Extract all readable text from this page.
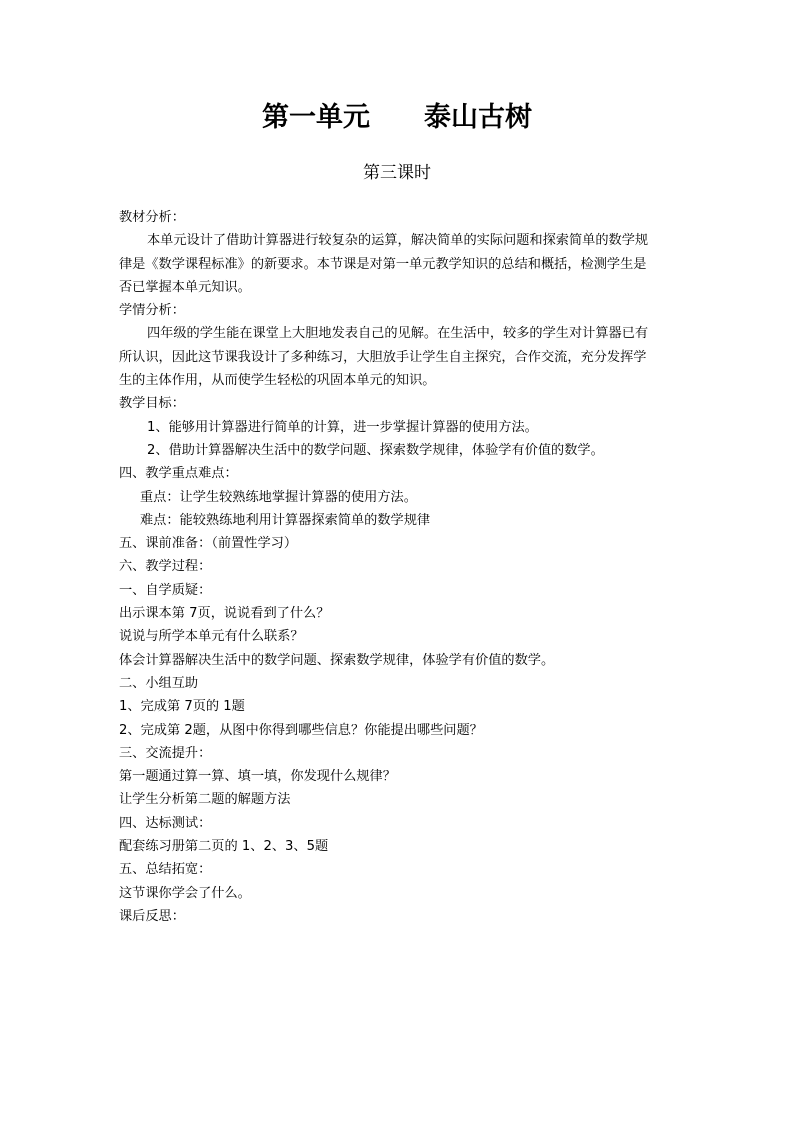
第一单元　　泰山古树
第三课时
教材分析：
本单元设计了借助计算器进行较复杂的运算，解决简单的实际问题和探索简单的数学规
律是《数学课程标准》的新要求。本节课是对第一单元教学知识的总结和概括，检测学生是
否已掌握本单元知识。
学情分析：
四年级的学生能在课堂上大胆地发表自己的见解。在生活中，较多的学生对计算器已有
所认识，因此这节课我设计了多种练习，大胆放手让学生自主探究，合作交流，充分发挥学
生的主体作用，从而使学生轻松的巩固本单元的知识。
教学目标：
1、能够用计算器进行简单的计算，进一步掌握计算器的使用方法。
2、借助计算器解决生活中的数学问题、探索数学规律，体验学有价值的数学。
四、教学重点难点：
重点：让学生较熟练地掌握计算器的使用方法。
难点：能较熟练地利用计算器探索简单的数学规律
五、课前准备：（前置性学习）
六、教学过程：
一、自学质疑：
出示课本第 7页，说说看到了什么？
说说与所学本单元有什么联系？
体会计算器解决生活中的数学问题、探索数学规律，体验学有价值的数学。
二、小组互助
1、完成第 7页的 1题
2、完成第 2题，从图中你得到哪些信息？你能提出哪些问题？
三、交流提升：
第一题通过算一算、填一填，你发现什么规律？
让学生分析第二题的解题方法
四、达标测试：
配套练习册第二页的 1、2、3、5题
五、总结拓宽：
这节课你学会了什么。
课后反思：
